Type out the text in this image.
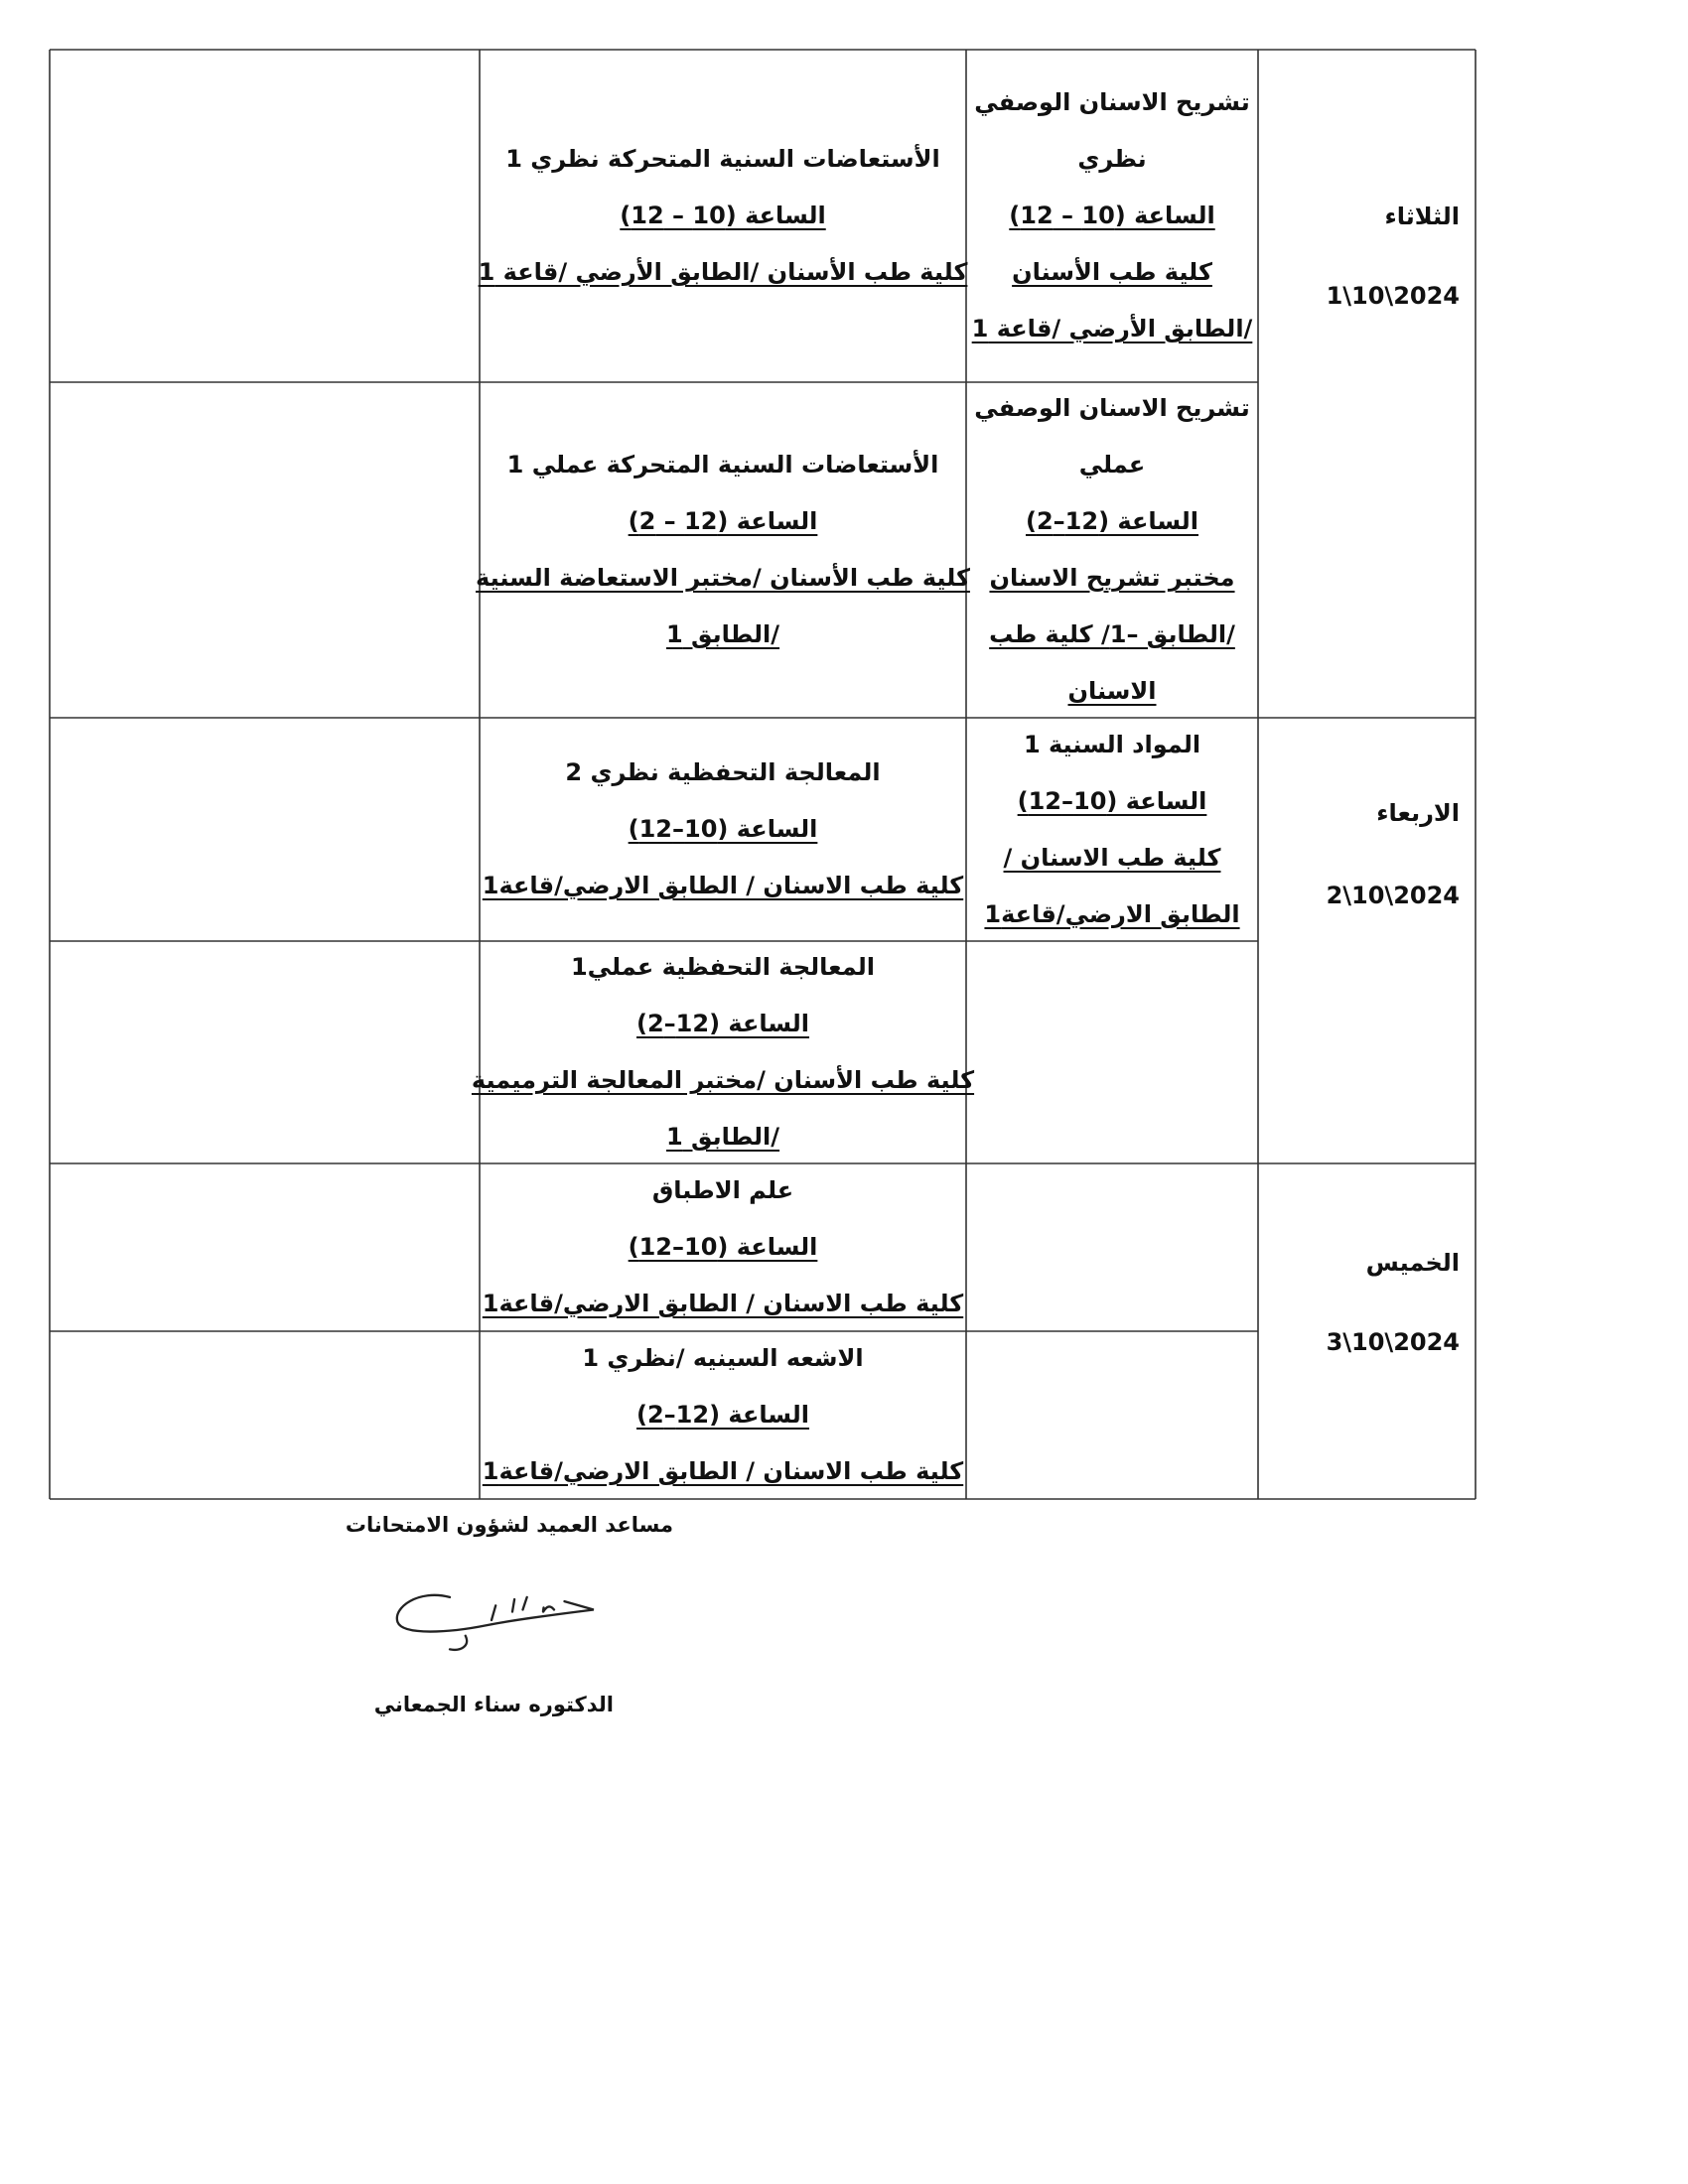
الثلاثاء
1\10\2024
الاربعاء
2\10\2024
الخميس
3\10\2024
تشريح الاسنان الوصفي
نظري
الساعة (10 – 12)
كلية طب الأسنان
/الطابق الأرضي /قاعة 1
تشريح الاسنان الوصفي
عملي
الساعة (12–2)
مختبر تشريح الاسنان
/الطابق –1/ كلية طب
الاسنان
المواد السنية 1
الساعة (10–12)
كلية طب الاسنان /
الطابق الارضي/قاعة1
الأستعاضات السنية المتحركة نظري 1
الساعة (10 – 12)
كلية طب الأسنان /الطابق الأرضي /قاعة 1
الأستعاضات السنية المتحركة عملي 1
الساعة (12 – 2)
كلية طب الأسنان /مختبر الاستعاضة السنية
/الطابق 1
المعالجة التحفظية نظري 2
الساعة (10–12)
كلية طب الاسنان / الطابق الارضي/قاعة1
المعالجة التحفظية عملي1
الساعة (12–2)
كلية طب الأسنان /مختبر المعالجة الترميمية
/الطابق 1
علم الاطباق
الساعة (10–12)
كلية طب الاسنان / الطابق الارضي/قاعة1
الاشعه السينيه /نظري 1
الساعة (12–2)
كلية طب الاسنان / الطابق الارضي/قاعة1
مساعد العميد لشؤون الامتحانات
الدكتوره سناء الجمعاني
